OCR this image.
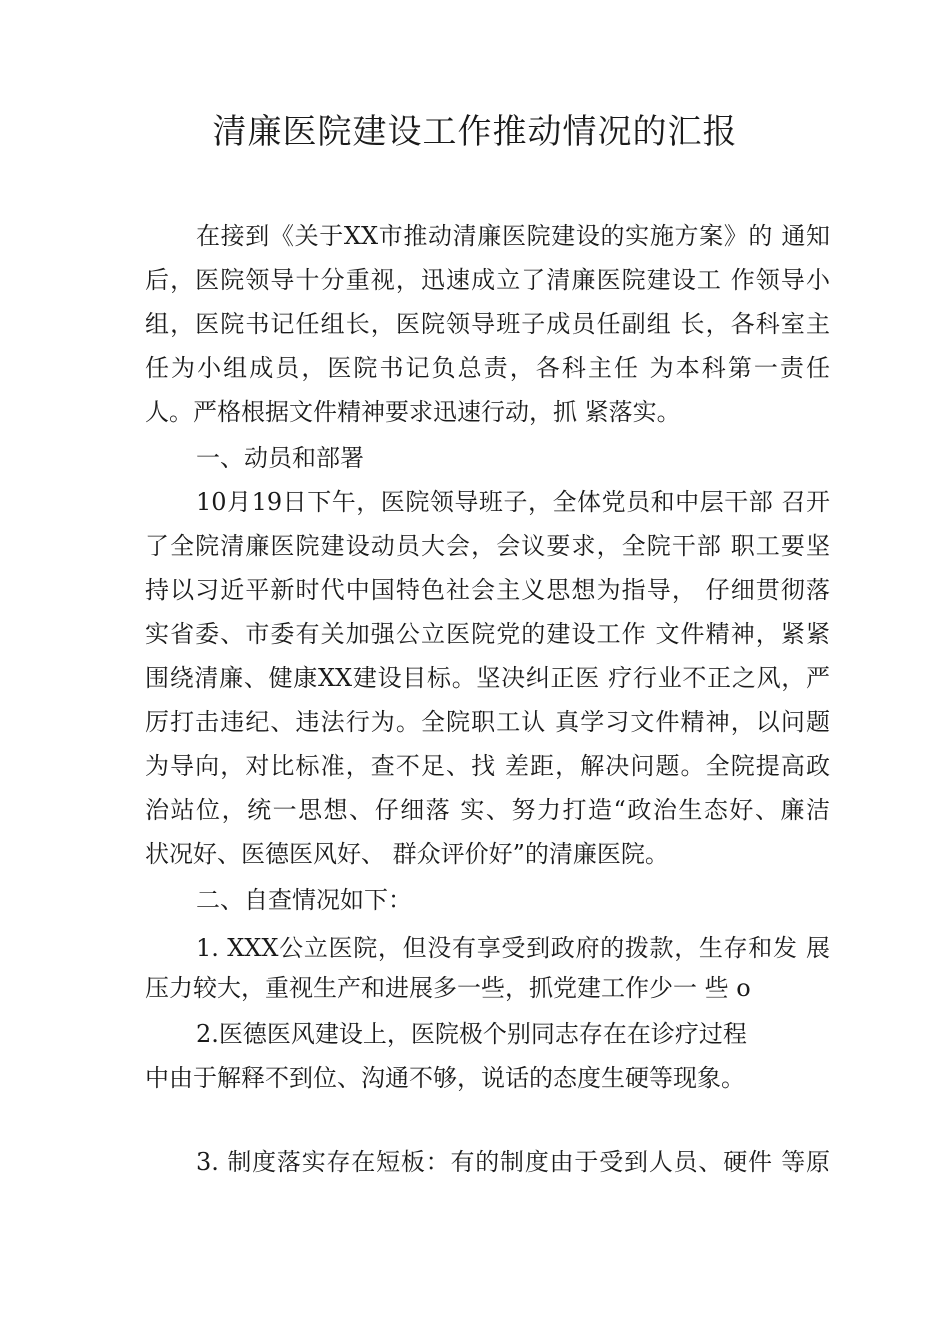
清廉医院建设工作推动情况的汇报
在接到《关于XX市推动清廉医院建设的实施方案》的 通知
后，医院领导十分重视，迅速成立了清廉医院建设工 作领导小
组，医院书记任组长，医院领导班子成员任副组 长，各科室主
任为小组成员，医院书记负总责，各科主任 为本科第一责任
人。严格根据文件精神要求迅速行动，抓 紧落实。
一、动员和部署
10月19日下午，医院领导班子，全体党员和中层干部 召开
了全院清廉医院建设动员大会，会议要求，全院干部 职工要坚
持以习近平新时代中国特色社会主义思想为指导， 仔细贯彻落
实省委、市委有关加强公立医院党的建设工作 文件精神，紧紧
围绕清廉、健康XX建设目标。坚决纠正医 疗行业不正之风，严
厉打击违纪、违法行为。全院职工认 真学习文件精神，以问题
为导向，对比标准，查不足、找 差距，解决问题。全院提高政
治站位，统一思想、仔细落 实、努力打造“政治生态好、廉洁
状况好、医德医风好、 群众评价好”的清廉医院。
二、自查情况如下：
1. XXX公立医院，但没有享受到政府的拨款，生存和发 展
压力较大，重视生产和进展多一些，抓党建工作少一 些 o
2.医德医风建设上，医院极个别同志存在在诊疗过程
中由于解释不到位、沟通不够，说话的态度生硬等现象。
3. 制度落实存在短板：有的制度由于受到人员、硬件 等原
